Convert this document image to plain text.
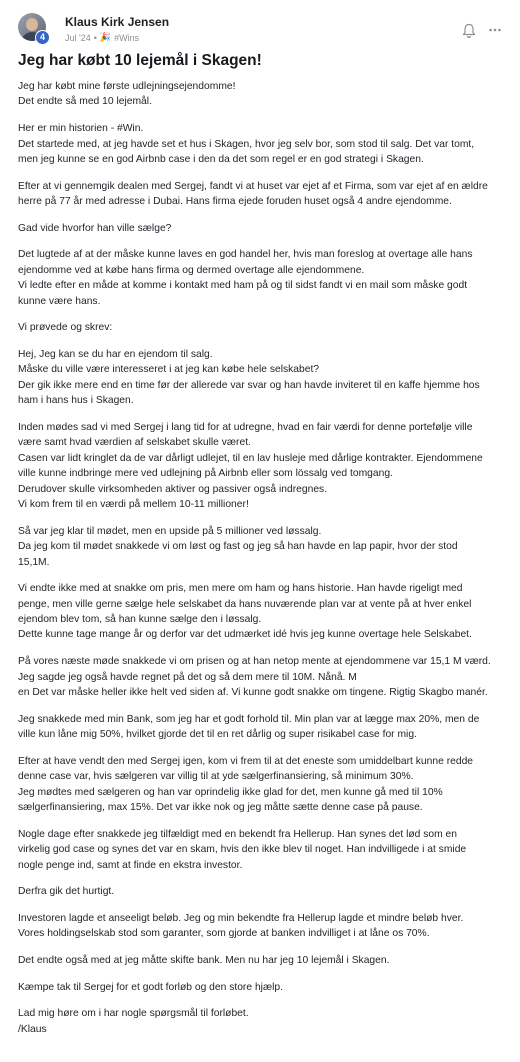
4
Klaus Kirk Jensen
Jul '24 • 🎉 #Wins
Jeg har købt 10 lejemål i Skagen!

Jeg har købt mine første udlejningsejendomme!
Det endte så med 10 lejemål.

Her er min historien - #Win.
Det startede med, at jeg havde set et hus i Skagen, hvor jeg selv bor, som stod til salg. Det var tomt,
men jeg kunne se en god Airbnb case i den da det som regel er en god strategi i Skagen.

Efter at vi gennemgik dealen med Sergej, fandt vi at huset var ejet af et Firma, som var ejet af en ældre
herre på 77 år med adresse i Dubai. Hans firma ejede foruden huset også 4 andre ejendomme.

Gad vide hvorfor han ville sælge?

Det lugtede af at der måske kunne laves en god handel her, hvis man foreslog at overtage alle hans
ejendomme ved at købe hans firma og dermed overtage alle ejendommene.
Vi ledte efter en måde at komme i kontakt med ham på og til sidst fandt vi en mail som måske godt
kunne være hans.

Vi prøvede og skrev:

Hej, Jeg kan se du har en ejendom til salg.
Måske du ville være interesseret i at jeg kan købe hele selskabet?
Der gik ikke mere end en time før der allerede var svar og han havde inviteret til en kaffe hjemme hos
ham i hans hus i Skagen.

Inden mødes sad vi med Sergej i lang tid for at udregne, hvad en fair værdi for denne portefølje ville
være samt hvad værdien af selskabet skulle været.
Casen var lidt kringlet da de var dårligt udlejet, til en lav husleje med dårlige kontrakter. Ejendommene
ville kunne indbringe mere ved udlejning på Airbnb eller som lössalg ved tomgang.
Derudover skulle virksomheden aktiver og passiver også indregnes.
Vi kom frem til en værdi på mellem 10-11 millioner!

Så var jeg klar til mødet, men en upside på 5 millioner ved løssalg.
Da jeg kom til mødet snakkede vi om løst og fast og jeg så han havde en lap papir, hvor der stod
15,1M.

Vi endte ikke med at snakke om pris, men mere om ham og hans historie. Han havde rigeligt med
penge, men ville gerne sælge hele selskabet da hans nuværende plan var at vente på at hver enkel
ejendom blev tom, så han kunne sælge den i løssalg.
Dette kunne tage mange år og derfor var det udmærket idé hvis jeg kunne overtage hele Selskabet.

På vores næste møde snakkede vi om prisen og at han netop mente at ejendommene var 15,1 M værd.
Jeg sagde jeg også havde regnet på det og så dem mere til 10M. Nånå. M
en Det var måske heller ikke helt ved siden af. Vi kunne godt snakke om tingene. Rigtig Skagbo manér.

Jeg snakkede med min Bank, som jeg har et godt forhold til. Min plan var at lægge max 20%, men de
ville kun låne mig 50%, hvilket gjorde det til en ret dårlig og super risikabel case for mig.

Efter at have vendt den med Sergej igen, kom vi frem til at det eneste som umiddelbart kunne redde
denne case var, hvis sælgeren var villig til at yde sælgerfinansiering, så minimum 30%.
Jeg mødtes med sælgeren og han var oprindelig ikke glad for det, men kunne gå med til 10%
sælgerfinansiering, max 15%. Det var ikke nok og jeg måtte sætte denne case på pause.

Nogle dage efter snakkede jeg tilfældigt med en bekendt fra Hellerup. Han synes det lød som en
virkelig god case og synes det var en skam, hvis den ikke blev til noget. Han indvilligede i at smide
nogle penge ind, samt at finde en ekstra investor.

Derfra gik det hurtigt.

Investoren lagde et anseeligt beløb. Jeg og min bekendte fra Hellerup lagde et mindre beløb hver.
Vores holdingselskab stod som garanter, som gjorde at banken indvilliget i at låne os 70%.

Det endte også med at jeg måtte skifte bank. Men nu har jeg 10 lejemål i Skagen.

Kæmpe tak til Sergej for et godt forløb og den store hjælp.

Lad mig høre om i har nogle spørgsmål til forløbet.
/Klaus
